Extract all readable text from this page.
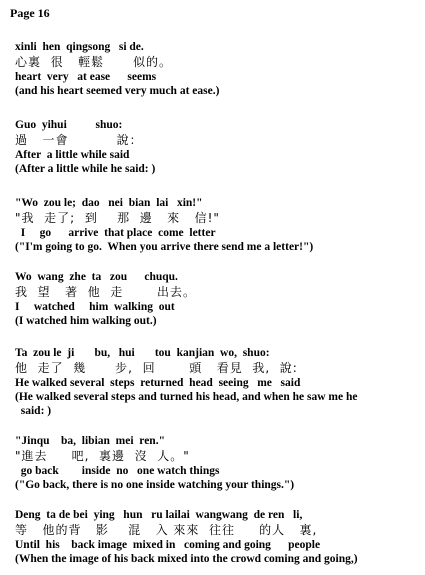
Page 16
xinli  hen  qingsong   si de.
心裏  很   輕鬆      似的。
heart  very   at ease      seems
(and his heart seemed very much at ease.)
Guo  yihui          shuo:
過   一會          說：
After  a little while said
(After a little while he said: )
"Wo  zou le;  dao   nei  bian  lai   xin!"
"我  走了;  到    那  邊   來   信!"
I     go      arrive  that place  come  letter
("I'm going to go.  When you arrive there send me a letter!")
Wo  wang  zhe  ta   zou      chuqu.
我  望   著  他  走       出去。
I     watched     him  walking  out
(I watched him walking out.)
Ta  zou le  ji       bu,   hui       tou  kanjian  wo,  shuo:
他  走了  幾      步,  回       頭   看見  我,  說:
He walked several  steps  returned  head  seeing   me   said
(He walked several steps and turned his head, and when he saw me he
said: )
"Jinqu    ba,  libian  mei  ren."
"進去     吧,  裏邊  沒  人。"
go back        inside  no   one watch things
("Go back, there is no one inside watching your things.")
Deng  ta de bei  ying   hun   ru lailai  wangwang  de ren   li,
等   他的背   影    混   入 來來  往往     的人   裏,
Until  his    back image  mixed in   coming and going      people
(When the image of his back mixed into the crowd coming and going,)
